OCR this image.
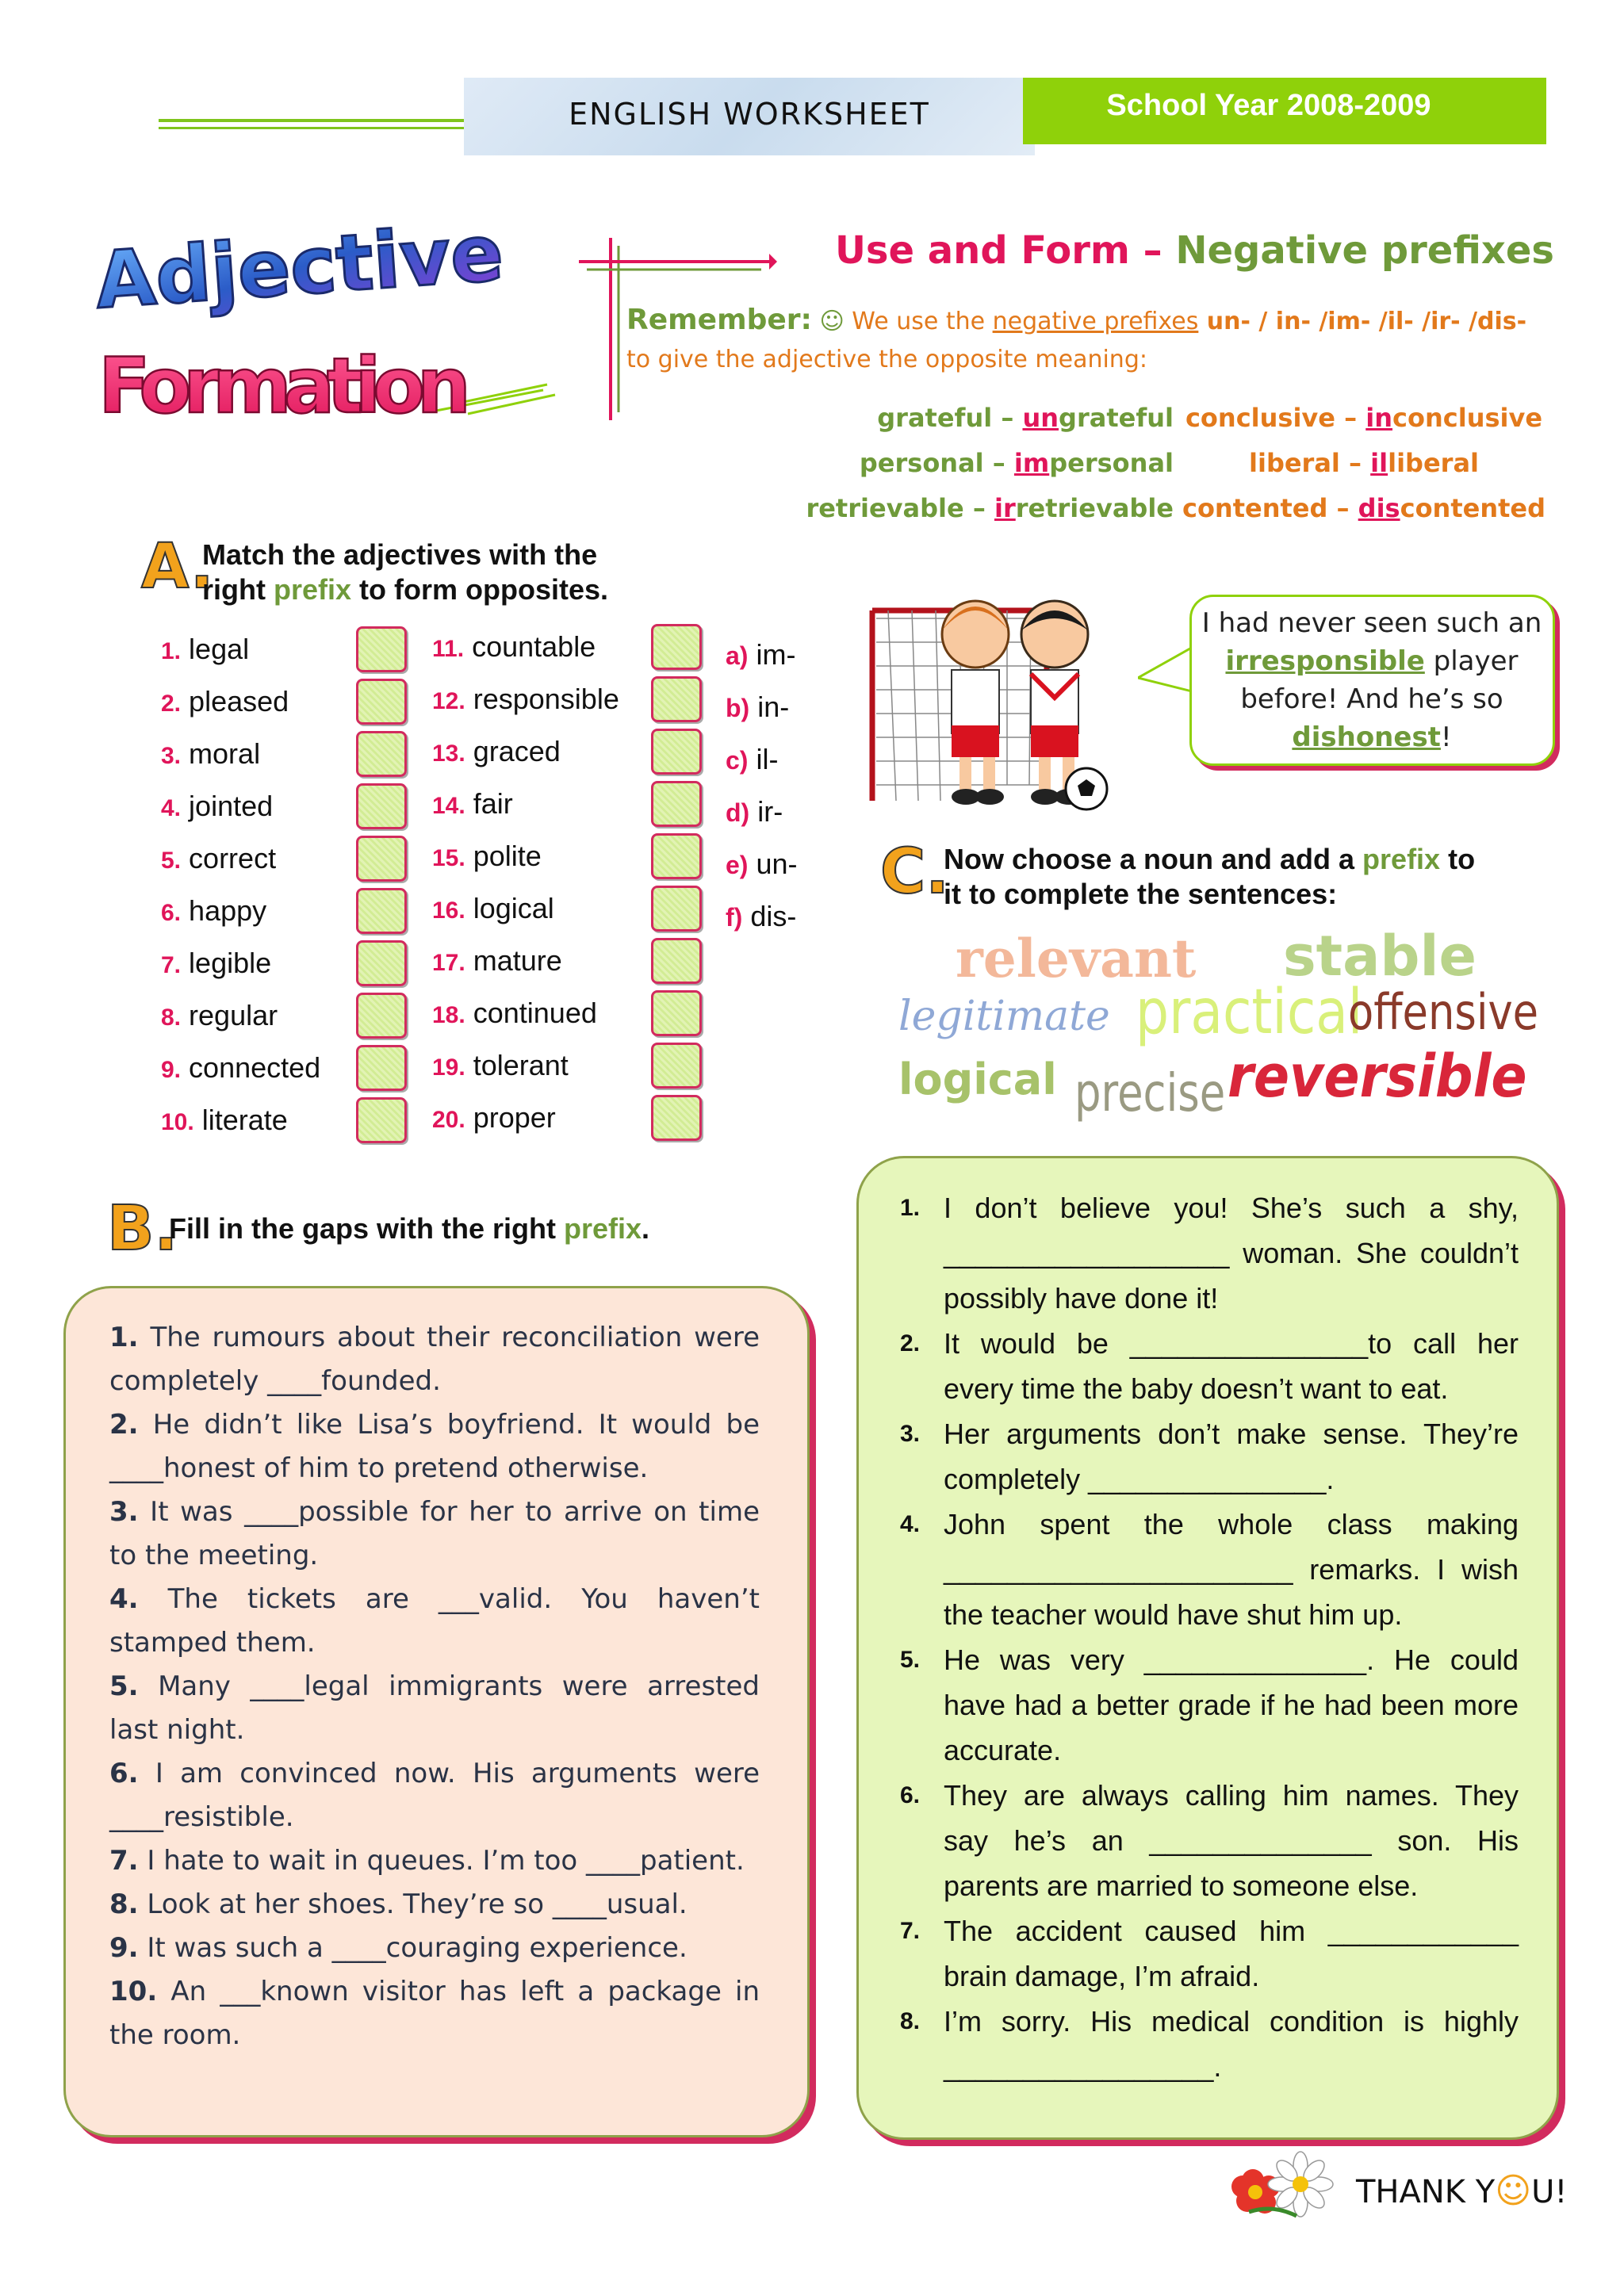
ENGLISH WORKSHEET	School Year 2008-2009
Adjective
Formation
Use and Form – Negative prefixes
Remember: ☺ We use the negative prefixes un- / in- /im- /il- /ir- /dis- to give the adjective the opposite meaning:
grateful – ungrateful
personal – impersonal
retrievable – irretrievable
conclusive – inconclusive
liberal – illiberal
contented – discontented
A.
Match the adjectives with the
right prefix to form opposites.
1. legal
2. pleased
3. moral
4. jointed
5. correct
6. happy
7. legible
8. regular
9. connected
10. literate
11. countable
12. responsible
13. graced
14. fair
15. polite
16. logical
17. mature
18. continued
19. tolerant
20. proper
a) im-
b) in-
c) il-
d) ir-
e) un-
f) dis-
I had never seen such an irresponsible player before! And he’s so dishonest!
C.
Now choose a noun and add a prefix to
it to complete the sentences:
relevant stable
legitimate practical
offensive
logical precise reversible
B.
Fill in the gaps with the right prefix.
1. The rumours about their reconciliation were completely ____founded.
2. He didn’t like Lisa’s boyfriend. It would be ____honest of him to pretend otherwise.
3. It was ____possible for her to arrive on time to the meeting.
4. The tickets are ___valid. You haven’t stamped them.
5. Many ____legal immigrants were arrested last night.
6. I am convinced now. His arguments were ____resistible.
7. I hate to wait in queues. I’m too ____patient.
8. Look at her shoes. They’re so ____usual.
9. It was such a ____couraging experience.
10. An ___known visitor has left a package in the room.
1. I don’t believe you! She’s such a shy, __________________ woman. She couldn’t possibly have done it!
2. It would be _______________to call her every time the baby doesn’t want to eat.
3. Her arguments don’t make sense. They’re completely _______________.
4. John spent the whole class making ______________________ remarks. I wish the teacher would have shut him up.
5. He was very ______________. He could have had a better grade if he had been more accurate.
6. They are always calling him names. They say he’s an ______________ son. His parents are married to someone else.
7. The accident caused him ____________ brain damage, I’m afraid.
8. I’m sorry. His medical condition is highly _________________.
THANK Y☺U!
